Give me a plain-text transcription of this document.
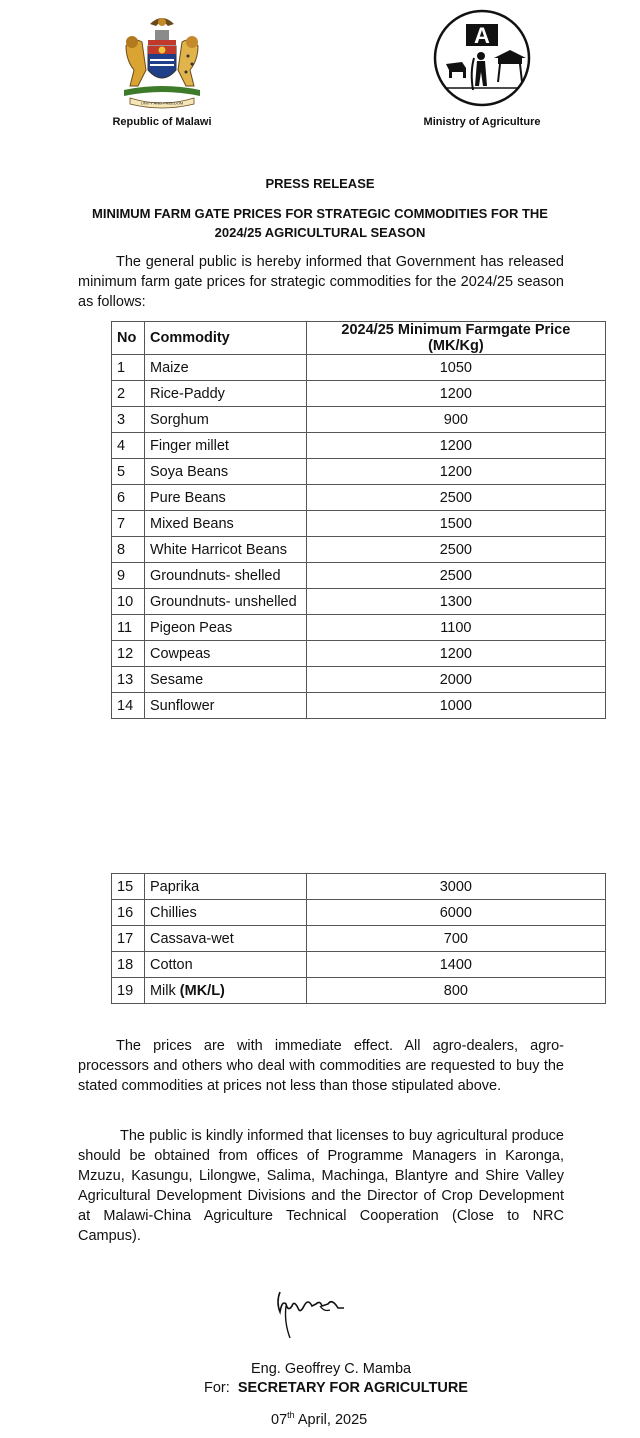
UNITY AND FREEDOM
Republic of Malawi
A
Ministry of Agriculture
PRESS RELEASE
MINIMUM FARM GATE PRICES FOR STRATEGIC COMMODITIES FOR THE
2024/25 AGRICULTURAL SEASON

The general public is hereby informed that Government has released minimum farm gate prices for strategic commodities for the 2024/25 season as follows:

No	Commodity	2024/25 Minimum Farmgate Price (MK/Kg)
1	Maize	1050
2	Rice-Paddy	1200
3	Sorghum	900
4	Finger millet	1200
5	Soya Beans	1200
6	Pure Beans	2500
7	Mixed Beans	1500
8	White Harricot Beans	2500
9	Groundnuts- shelled	2500
10	Groundnuts- unshelled	1300
11	Pigeon Peas	1100
12	Cowpeas	1200
13	Sesame	2000
14	Sunflower	1000
15	Paprika	3000
16	Chillies	6000
17	Cassava-wet	700
18	Cotton	1400
19	Milk (MK/L)	800

The prices are with immediate effect. All agro-dealers, agro-processors and others who deal with commodities are requested to buy the stated commodities at prices not less than those stipulated above.

The public is kindly informed that licenses to buy agricultural produce should be obtained from offices of Programme Managers in Karonga, Mzuzu, Kasungu, Lilongwe, Salima, Machinga, Blantyre and Shire Valley Agricultural Development Divisions and the Director of Crop Development at Malawi-China Agriculture Technical Cooperation (Close to NRC Campus).

Eng. Geoffrey C. Mamba
For: SECRETARY FOR AGRICULTURE
07th April, 2025
